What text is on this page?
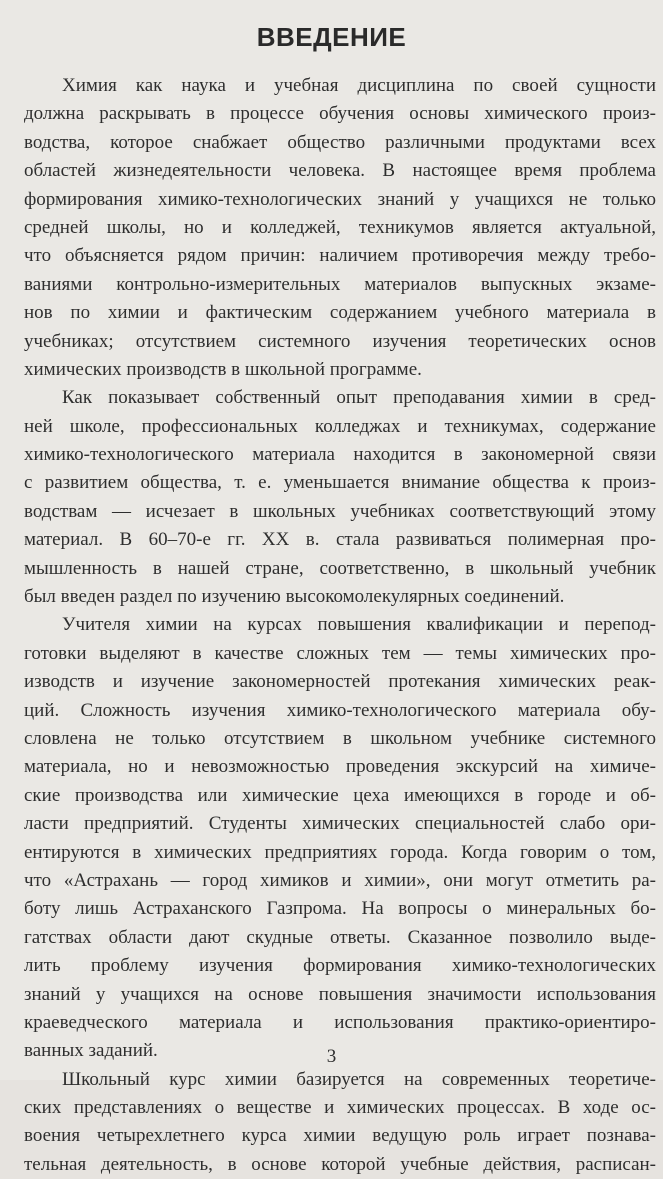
ВВЕДЕНИЕ

Химия как наука и учебная дисциплина по своей сущности
должна раскрывать в процессе обучения основы химического произ-
водства, которое снабжает общество различными продуктами всех
областей жизнедеятельности человека. В настоящее время проблема
формирования химико-технологических знаний у учащихся не только
средней школы, но и колледжей, техникумов является актуальной,
что объясняется рядом причин: наличием противоречия между требо-
ваниями контрольно-измерительных материалов выпускных экзаме-
нов по химии и фактическим содержанием учебного материала в
учебниках; отсутствием системного изучения теоретических основ
химических производств в школьной программе.

Как показывает собственный опыт преподавания химии в сред-
ней школе, профессиональных колледжах и техникумах, содержание
химико-технологического материала находится в закономерной связи
с развитием общества, т. е. уменьшается внимание общества к произ-
водствам — исчезает в школьных учебниках соответствующий этому
материал. В 60–70-е гг. XX в. стала развиваться полимерная про-
мышленность в нашей стране, соответственно, в школьный учебник
был введен раздел по изучению высокомолекулярных соединений.

Учителя химии на курсах повышения квалификации и перепод-
готовки выделяют в качестве сложных тем — темы химических про-
изводств и изучение закономерностей протекания химических реак-
ций. Сложность изучения химико-технологического материала обу-
словлена не только отсутствием в школьном учебнике системного
материала, но и невозможностью проведения экскурсий на химиче-
ские производства или химические цеха имеющихся в городе и об-
ласти предприятий. Студенты химических специальностей слабо ори-
ентируются в химических предприятиях города. Когда говорим о том,
что «Астрахань — город химиков и химии», они могут отметить ра-
боту лишь Астраханского Газпрома. На вопросы о минеральных бо-
гатствах области дают скудные ответы. Сказанное позволило выде-
лить проблему изучения формирования химико-технологических
знаний у учащихся на основе повышения значимости использования
краеведческого материала и использования практико-ориентиро-
ванных заданий.

Школьный курс химии базируется на современных теоретиче-
ских представлениях о веществе и химических процессах. В ходе ос-
воения четырехлетнего курса химии ведущую роль играет познава-
тельная деятельность, в основе которой учебные действия, расписан-

3
